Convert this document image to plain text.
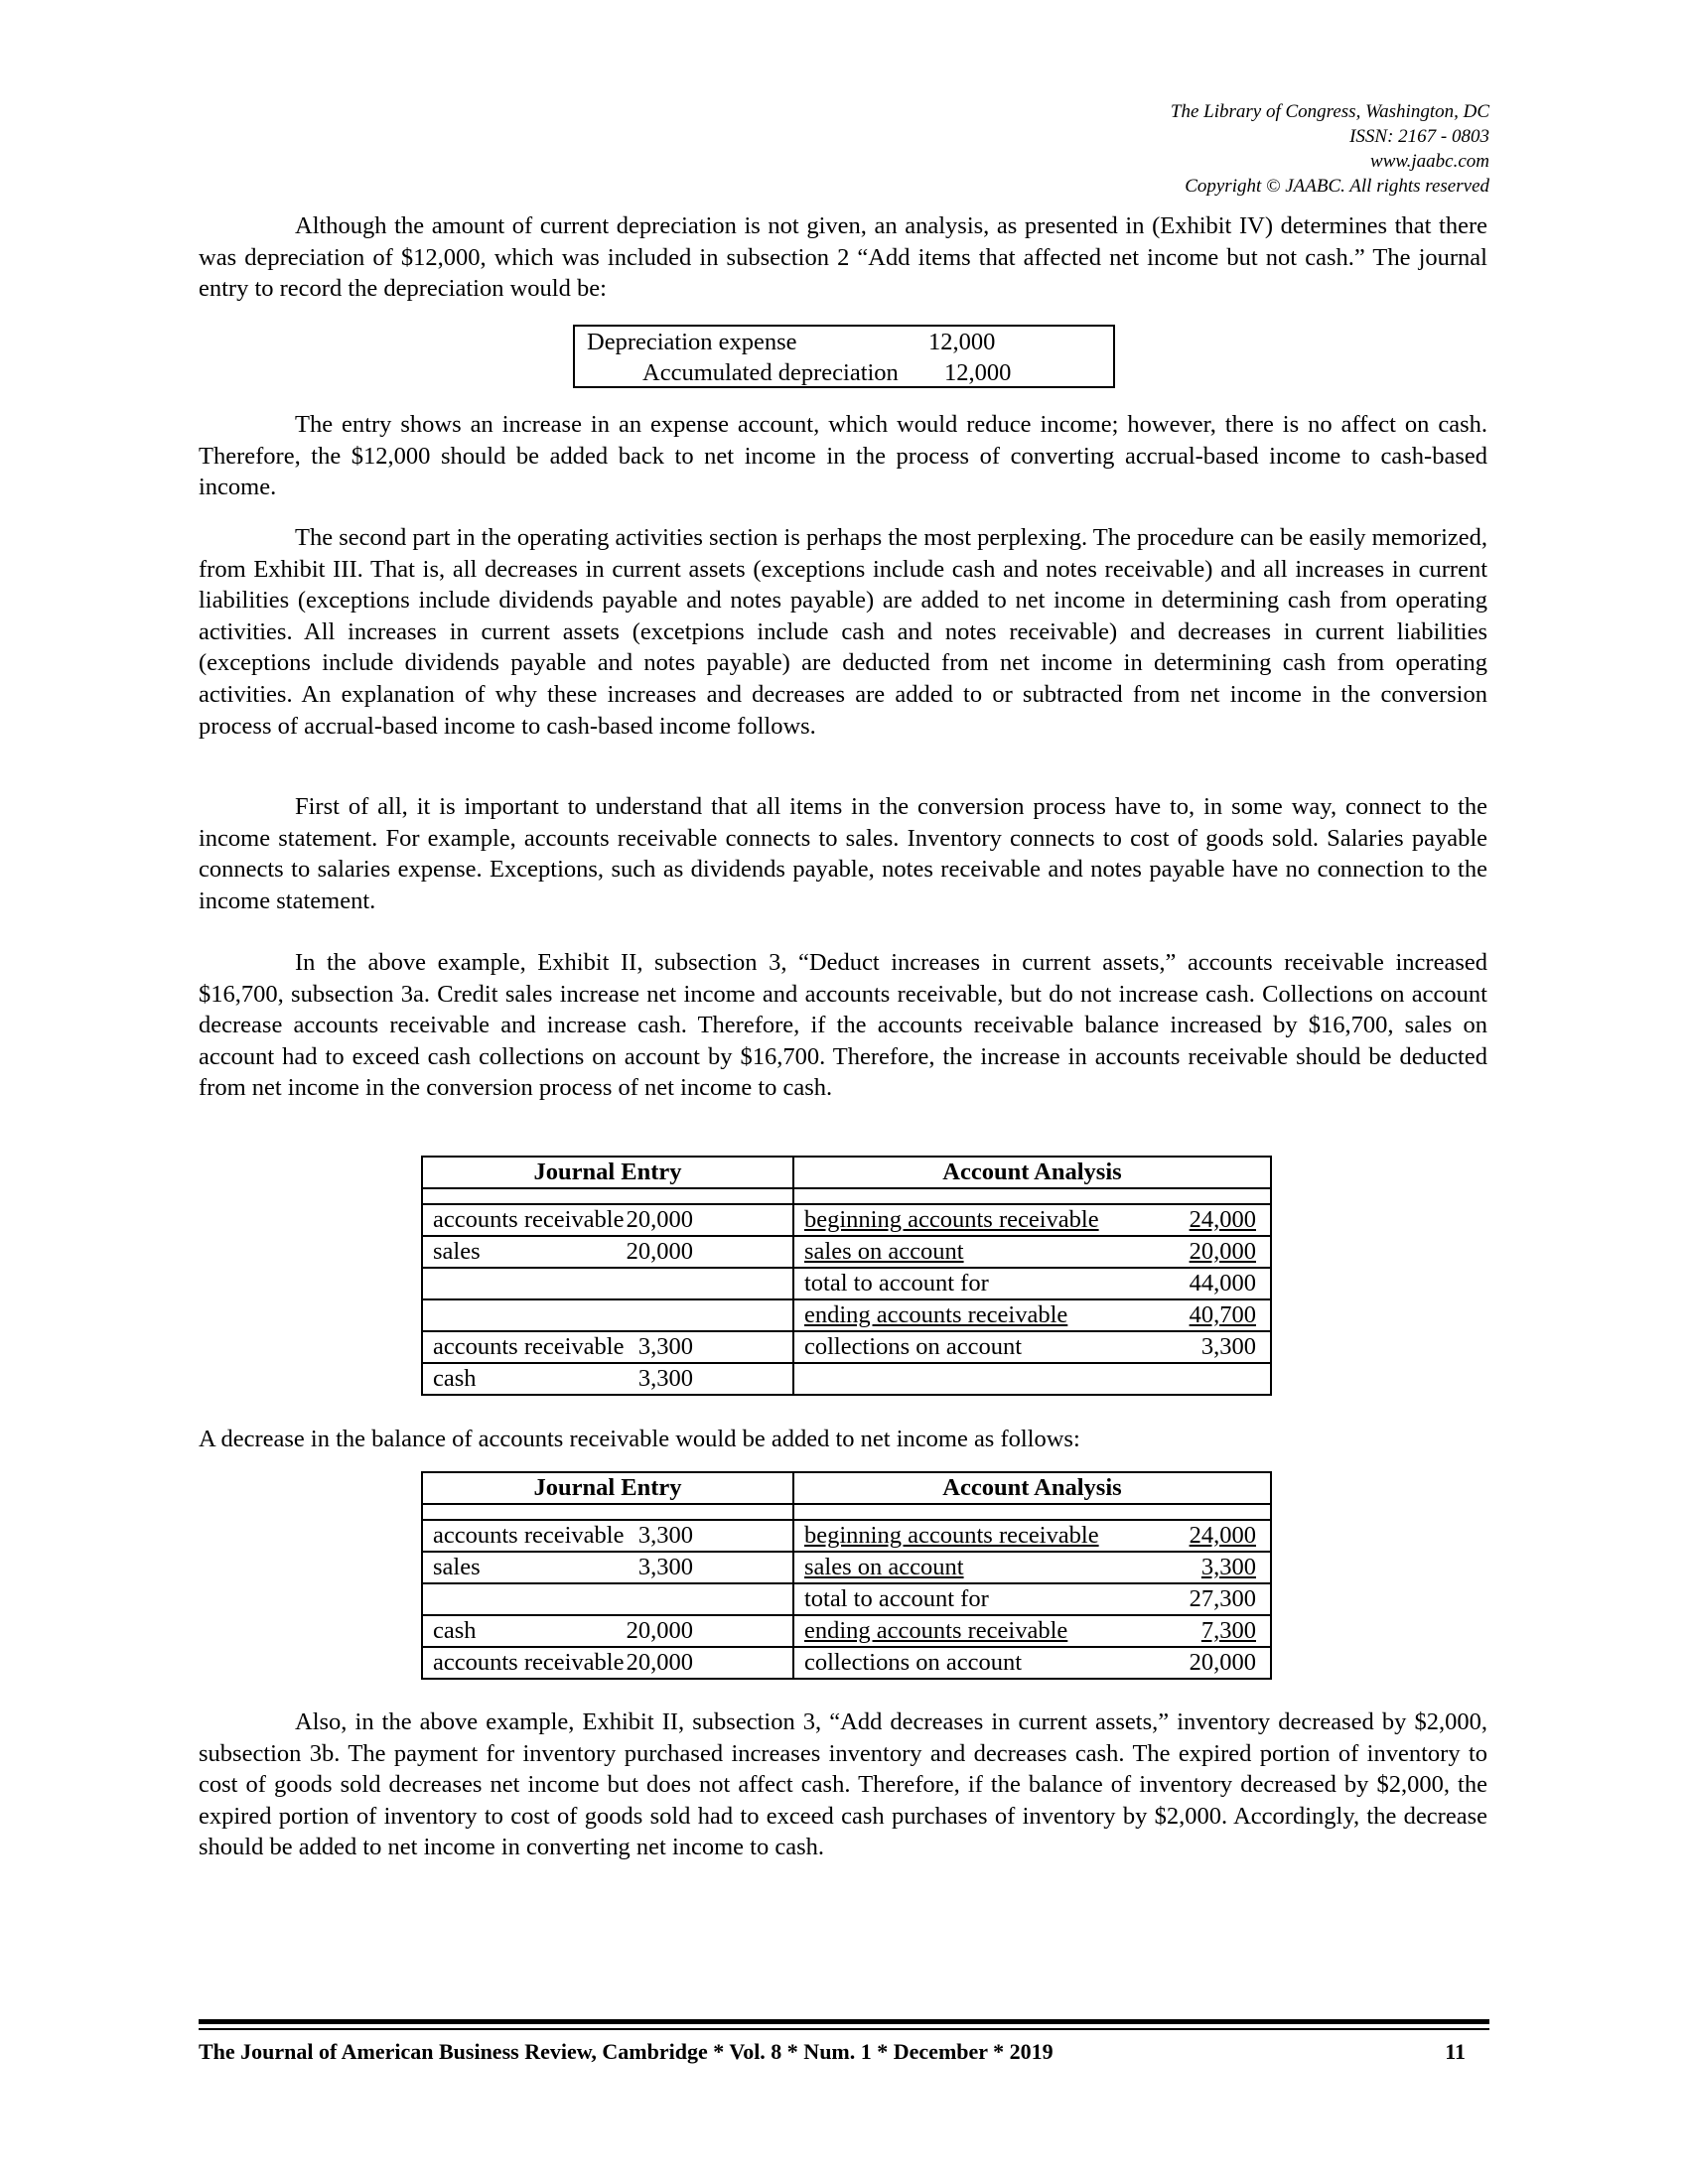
The Library of Congress, Washington, DC
ISSN: 2167 - 0803
www.jaabc.com
Copyright © JAABC. All rights reserved

Although the amount of current depreciation is not given, an analysis, as presented in (Exhibit IV) determines that there was depreciation of $12,000, which was included in subsection 2 “Add items that affected net income but not cash.” The journal entry to record the depreciation would be:

Depreciation expense	12,000
Accumulated depreciation 12,000

The entry shows an increase in an expense account, which would reduce income; however, there is no affect on cash. Therefore, the $12,000 should be added back to net income in the process of converting accrual-based income to cash-based income.

The second part in the operating activities section is perhaps the most perplexing. The procedure can be easily memorized, from Exhibit III. That is, all decreases in current assets (exceptions include cash and notes receivable) and all increases in current liabilities (exceptions include dividends payable and notes payable) are added to net income in determining cash from operating activities. All increases in current assets (excetpions include cash and notes receivable) and decreases in current liabilities (exceptions include dividends payable and notes payable) are deducted from net income in determining cash from operating activities. An explanation of why these increases and decreases are added to or subtracted from net income in the conversion process of accrual-based income to cash-based income follows.

First of all, it is important to understand that all items in the conversion process have to, in some way, connect to the income statement. For example, accounts receivable connects to sales. Inventory connects to cost of goods sold. Salaries payable connects to salaries expense. Exceptions, such as dividends payable, notes receivable and notes payable have no connection to the income statement.

In the above example, Exhibit II, subsection 3, “Deduct increases in current assets,” accounts receivable increased $16,700, subsection 3a. Credit sales increase net income and accounts receivable, but do not increase cash. Collections on account decrease accounts receivable and increase cash. Therefore, if the accounts receivable balance increased by $16,700, sales on account had to exceed cash collections on account by $16,700. Therefore, the increase in accounts receivable should be deducted from net income in the conversion process of net income to cash.

Journal Entry	Account Analysis

accounts receivable 20,000	beginning accounts receivable 24,000

sales 20,000	sales on account 20,000

	total to account for 44,000

	ending accounts receivable 40,700

accounts receivable 3,300	collections on account 3,300

cash 3,300	

A decrease in the balance of accounts receivable would be added to net income as follows:

Journal Entry	Account Analysis

accounts receivable 3,300	beginning accounts receivable 24,000

sales 3,300	sales on account 3,300

	total to account for 27,300

cash 20,000	ending accounts receivable 7,300

accounts receivable 20,000	collections on account 20,000

Also, in the above example, Exhibit II, subsection 3, “Add decreases in current assets,” inventory decreased by $2,000, subsection 3b. The payment for inventory purchased increases inventory and decreases cash. The expired portion of inventory to cost of goods sold decreases net income but does not affect cash. Therefore, if the balance of inventory decreased by $2,000, the expired portion of inventory to cost of goods sold had to exceed cash purchases of inventory by $2,000. Accordingly, the decrease should be added to net income in converting net income to cash.

The Journal of American Business Review, Cambridge * Vol. 8 * Num. 1 * December * 2019	11
